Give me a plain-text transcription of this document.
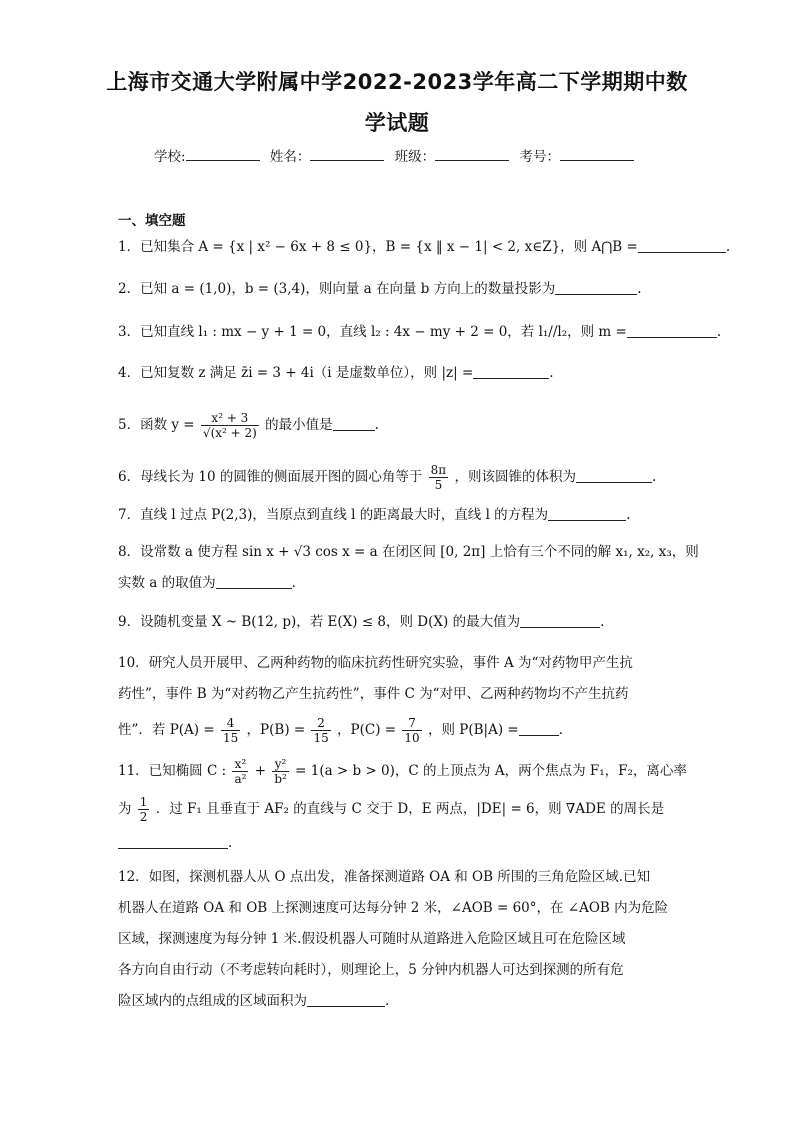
上海市交通大学附属中学2022-2023学年高二下学期期中数
学试题
学校:	姓名：	班级：	考号：
一、填空题
1．已知集合 A = {x | x² − 6x + 8 ≤ 0}，B = {x ‖ x − 1| < 2, x∈Z}，则 A⋂B =	.
2．已知 a = (1,0)，b = (3,4)，则向量 a 在向量 b 方向上的数量投影为	.
3．已知直线 l₁ : mx − y + 1 = 0，直线 l₂ : 4x − my + 2 = 0，若 l₁//l₂，则 m =	.
4．已知复数 z 满足 z̄i = 3 + 4i（i 是虚数单位），则 |z| =	.
5．函数 $y = \frac{\text{x² + 3}}{\text{√(x² + 2)}}$ 的最小值是	.
6．母线长为 10 的圆锥的侧面展开图的圆心角等于 $\frac{8\pi}{5}$ ，则该圆锥的体积为	.
7．直线 l 过点 P(2,3)，当原点到直线 l 的距离最大时，直线 l 的方程为	.
8．设常数 a 使方程 sin x + √3 cos x = a 在闭区间 [0, 2π] 上恰有三个不同的解 x₁, x₂, x₃，则
实数 a 的取值为	.
9．设随机变量 X ~ B(12, p)，若 E(X) ≤ 8，则 D(X) 的最大值为	.
10．研究人员开展甲、乙两种药物的临床抗药性研究实验，事件 A 为“对药物甲产生抗
药性”，事件 B 为“对药物乙产生抗药性”，事件 C 为“对甲、乙两种药物均不产生抗药
性”．若 $P(A) = \frac{4}{15}$ ，$P(B) = \frac{2}{15}$ ，$P(C) = \frac{7}{10}$ ，则 P(B|A) =	.
11．已知椭圆 C : $\frac{\text{x²}}{\text{a²}} + \frac{\text{y²}}{\text{b²}} = 1(a > b > 0)$，C 的上顶点为 A，两个焦点为 F₁，F₂，离心率
为 $\frac{1}{2}$ ．过 F₁ 且垂直于 AF₂ 的直线与 C 交于 D，E 两点，|DE| = 6，则 ∇ADE 的周长是
.
12．如图，探测机器人从 O 点出发，准备探测道路 OA 和 OB 所围的三角危险区域.已知
机器人在道路 OA 和 OB 上探测速度可达每分钟 2 米，∠AOB = 60°，在 ∠AOB 内为危险
区域，探测速度为每分钟 1 米.假设机器人可随时从道路进入危险区域且可在危险区域
各方向自由行动（不考虑转向耗时），则理论上，5 分钟内机器人可达到探测的所有危
险区域内的点组成的区域面积为	.
